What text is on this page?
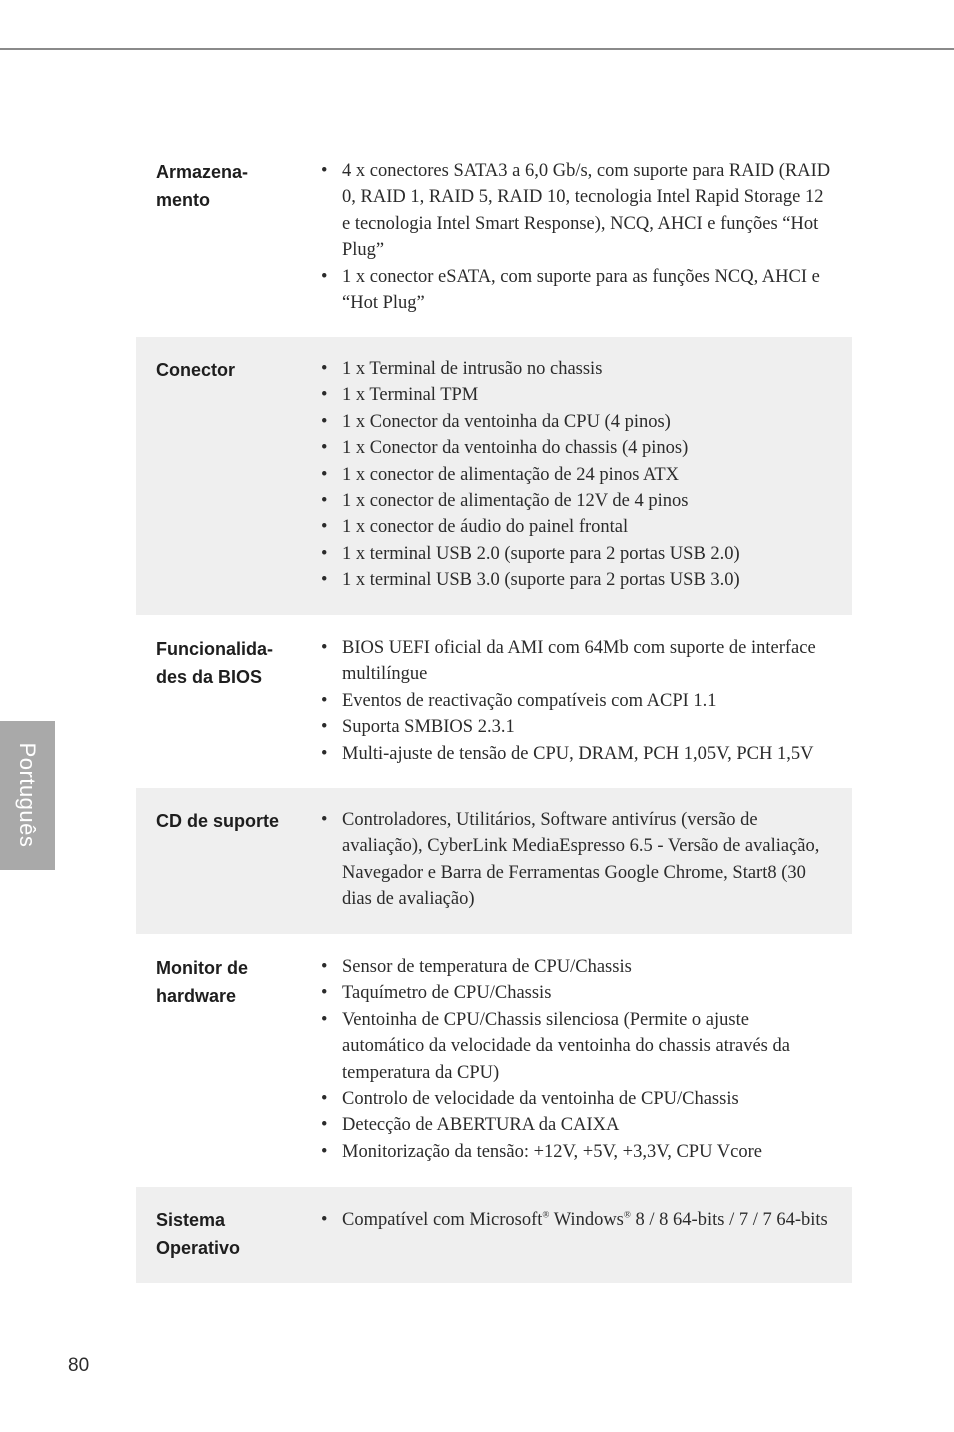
Português
Armazena-
mento
• 4 x conectores SATA3 a 6,0 Gb/s, com suporte para RAID (RAID 0, RAID 1, RAID 5, RAID 10, tecnologia Intel Rapid Storage 12 e tecnologia Intel Smart Response), NCQ, AHCI e funções “Hot Plug”
• 1 x conector eSATA, com suporte para as funções NCQ, AHCI e “Hot Plug”
Conector	• 1 x Terminal de intrusão no chassis
• 1 x Terminal TPM
• 1 x Conector da ventoinha da CPU (4 pinos)
• 1 x Conector da ventoinha do chassis (4 pinos)
• 1 x conector de alimentação de 24 pinos ATX
• 1 x conector de alimentação de 12V de 4 pinos
• 1 x conector de áudio do painel frontal
• 1 x terminal USB 2.0 (suporte para 2 portas USB 2.0)
• 1 x terminal USB 3.0 (suporte para 2 portas USB 3.0)
Funcionalida-
des da BIOS
• BIOS UEFI oficial da AMI com 64Mb com suporte de interface multilíngue
• Eventos de reactivação compatíveis com ACPI 1.1
• Suporta SMBIOS 2.3.1
• Multi-ajuste de tensão de CPU, DRAM, PCH 1,05V, PCH 1,5V
CD de suporte	• Controladores, Utilitários, Software antivírus (versão de avaliação), CyberLink MediaEspresso 6.5 - Versão de avaliação, Navegador e Barra de Ferramentas Google Chrome, Start8 (30 dias de avaliação)
Monitor de
hardware
• Sensor de temperatura de CPU/Chassis
• Taquímetro de CPU/Chassis
• Ventoinha de CPU/Chassis silenciosa (Permite o ajuste automático da velocidade da ventoinha do chassis através da temperatura da CPU)
• Controlo de velocidade da ventoinha de CPU/Chassis
• Detecção de ABERTURA da CAIXA
• Monitorização da tensão: +12V, +5V, +3,3V, CPU Vcore
Sistema
Operativo
• Compatível com Microsoft® Windows® 8 / 8 64-bits / 7 / 7 64-bits
80
